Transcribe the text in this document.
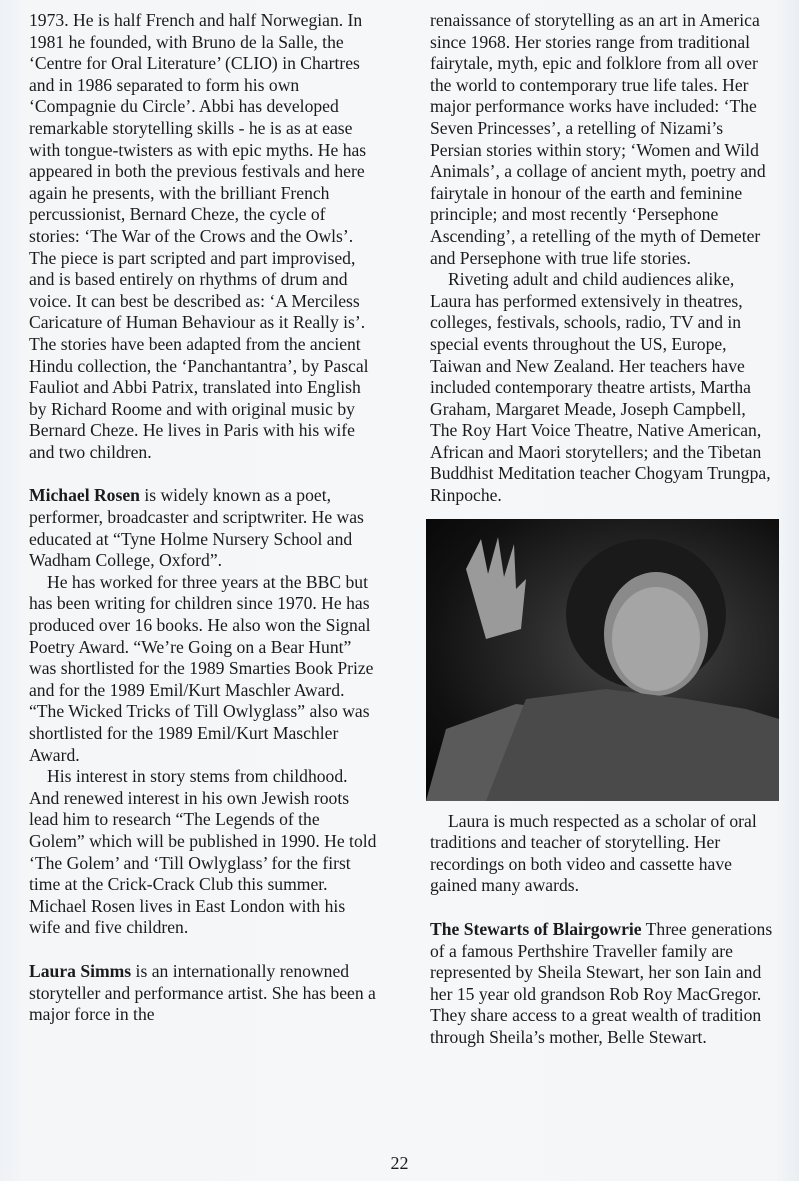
1973. He is half French and half Norwegian. In 1981 he founded, with Bruno de la Salle, the ‘Centre for Oral Literature’ (CLIO) in Chartres and in 1986 separated to form his own ‘Compagnie du Circle’. Abbi has developed remarkable storytelling skills - he is as at ease with tongue-twisters as with epic myths. He has appeared in both the previous festivals and here again he presents, with the brilliant French percussionist, Bernard Cheze, the cycle of stories: ‘The War of the Crows and the Owls’. The piece is part scripted and part improvised, and is based entirely on rhythms of drum and voice. It can best be described as: ‘A Merciless Caricature of Human Behaviour as it Really is’. The stories have been adapted from the ancient Hindu collection, the ‘Panchantantra’, by Pascal Fauliot and Abbi Patrix, translated into English by Richard Roome and with original music by Bernard Cheze. He lives in Paris with his wife and two children.

Michael Rosen is widely known as a poet, performer, broadcaster and scriptwriter. He was educated at “Tyne Holme Nursery School and Wadham College, Oxford”.

He has worked for three years at the BBC but has been writing for children since 1970. He has produced over 16 books. He also won the Signal Poetry Award. “We’re Going on a Bear Hunt” was shortlisted for the 1989 Smarties Book Prize and for the 1989 Emil/Kurt Maschler Award. “The Wicked Tricks of Till Owlyglass” also was shortlisted for the 1989 Emil/Kurt Maschler Award.

His interest in story stems from childhood. And renewed interest in his own Jewish roots lead him to research “The Legends of the Golem” which will be published in 1990. He told ‘The Golem’ and ‘Till Owlyglass’ for the first time at the Crick-Crack Club this summer. Michael Rosen lives in East London with his wife and five children.

Laura Simms is an internationally renowned storyteller and performance artist. She has been a major force in the

renaissance of storytelling as an art in America since 1968. Her stories range from traditional fairytale, myth, epic and folklore from all over the world to contemporary true life tales. Her major performance works have included: ‘The Seven Princesses’, a retelling of Nizami’s Persian stories within story; ‘Women and Wild Animals’, a collage of ancient myth, poetry and fairytale in honour of the earth and feminine principle; and most recently ‘Persephone Ascending’, a retelling of the myth of Demeter and Persephone with true life stories.

Riveting adult and child audiences alike, Laura has performed extensively in theatres, colleges, festivals, schools, radio, TV and in special events throughout the US, Europe, Taiwan and New Zealand. Her teachers have included contemporary theatre artists, Martha Graham, Margaret Meade, Joseph Campbell, The Roy Hart Voice Theatre, Native American, African and Maori storytellers; and the Tibetan Buddhist Meditation teacher Chogyam Trungpa, Rinpoche.

Laura is much respected as a scholar of oral traditions and teacher of storytelling. Her recordings on both video and cassette have gained many awards.

The Stewarts of Blairgowrie Three generations of a famous Perthshire Traveller family are represented by Sheila Stewart, her son Iain and her 15 year old grandson Rob Roy MacGregor. They share access to a great wealth of tradition through Sheila’s mother, Belle Stewart.

22
